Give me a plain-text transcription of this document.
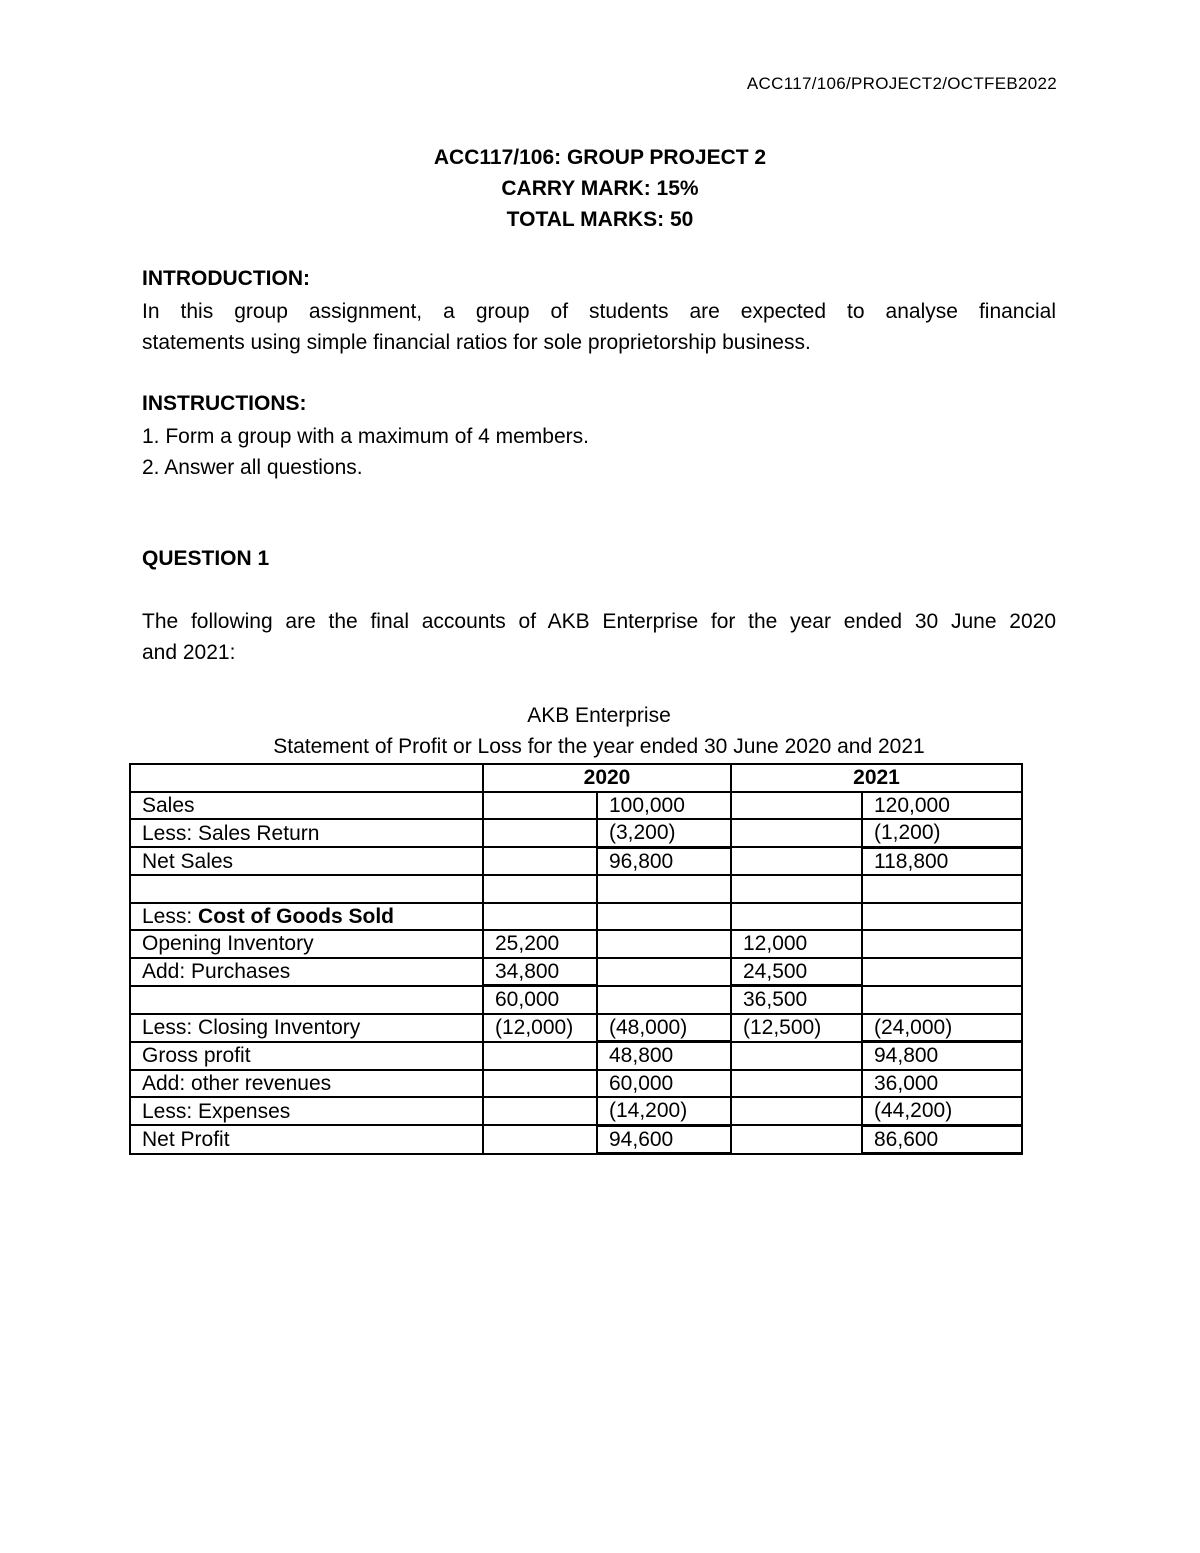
ACC117/106/PROJECT2/OCTFEB2022
ACC117/106: GROUP PROJECT 2
CARRY MARK: 15%
TOTAL MARKS: 50
INTRODUCTION:
In this group assignment, a group of students are expected to analyse financial
statements using simple financial ratios for sole proprietorship business.
INSTRUCTIONS:
1. Form a group with a maximum of 4 members.
2. Answer all questions.
QUESTION 1
The following are the final accounts of AKB Enterprise for the year ended 30 June 2020
and 2021:
AKB Enterprise
Statement of Profit or Loss for the year ended 30 June 2020 and 2021
	2020		2021	
Sales		100,000		120,000
Less: Sales Return		(3,200)		(1,200)
Net Sales		96,800		118,800

Less: Cost of Goods Sold				
Opening Inventory	25,200		12,000	
Add: Purchases	34,800		24,500	
	60,000		36,500	
Less: Closing Inventory	(12,000)	(48,000)	(12,500)	(24,000)
Gross profit		48,800		94,800
Add: other revenues		60,000		36,000
Less: Expenses		(14,200)		(44,200)
Net Profit		94,600		86,600
